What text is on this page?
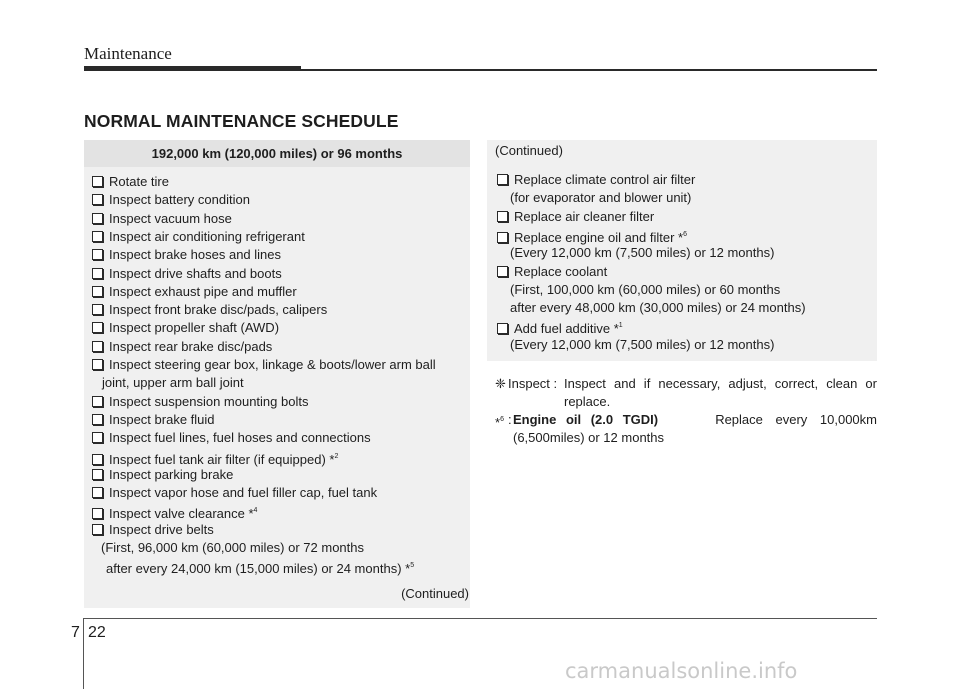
Maintenance
NORMAL MAINTENANCE SCHEDULE
192,000 km (120,000 miles) or 96 months
Rotate tire
Inspect battery condition
Inspect vacuum hose
Inspect air conditioning refrigerant
Inspect brake hoses and lines
Inspect drive shafts and boots
Inspect exhaust pipe and muffler
Inspect front brake disc/pads, calipers
Inspect propeller shaft (AWD)
Inspect rear brake disc/pads
Inspect steering gear box, linkage & boots/lower arm ball
joint, upper arm ball joint
Inspect suspension mounting bolts
Inspect brake fluid
Inspect fuel lines, fuel hoses and connections
Inspect fuel tank air filter (if equipped) *$^2$
Inspect parking brake
Inspect vapor hose and fuel filler cap, fuel tank
Inspect valve clearance *$^4$
Inspect drive belts
(First, 96,000 km (60,000 miles) or 72 months
after every 24,000 km (15,000 miles) or 24 months) *$^5$
(Continued)
(Continued)
Replace climate control air filter
(for evaporator and blower unit)
Replace air cleaner filter
Replace engine oil and filter *$^6$
(Every 12,000 km (7,500 miles) or 12 months)
Replace coolant
(First, 100,000 km (60,000 miles) or 60 months
after every 48,000 km (30,000 miles) or 24 months)
Add fuel additive *$^1$
(Every 12,000 km (7,500 miles) or 12 months)
❈ Inspect : Inspect and if necessary, adjust, correct, clean or
replace.
*$^6$ : Engine oil (2.0 TGDI)	Replace every 10,000km
(6,500miles) or 12 months
7 22
carmanualsonline.info
